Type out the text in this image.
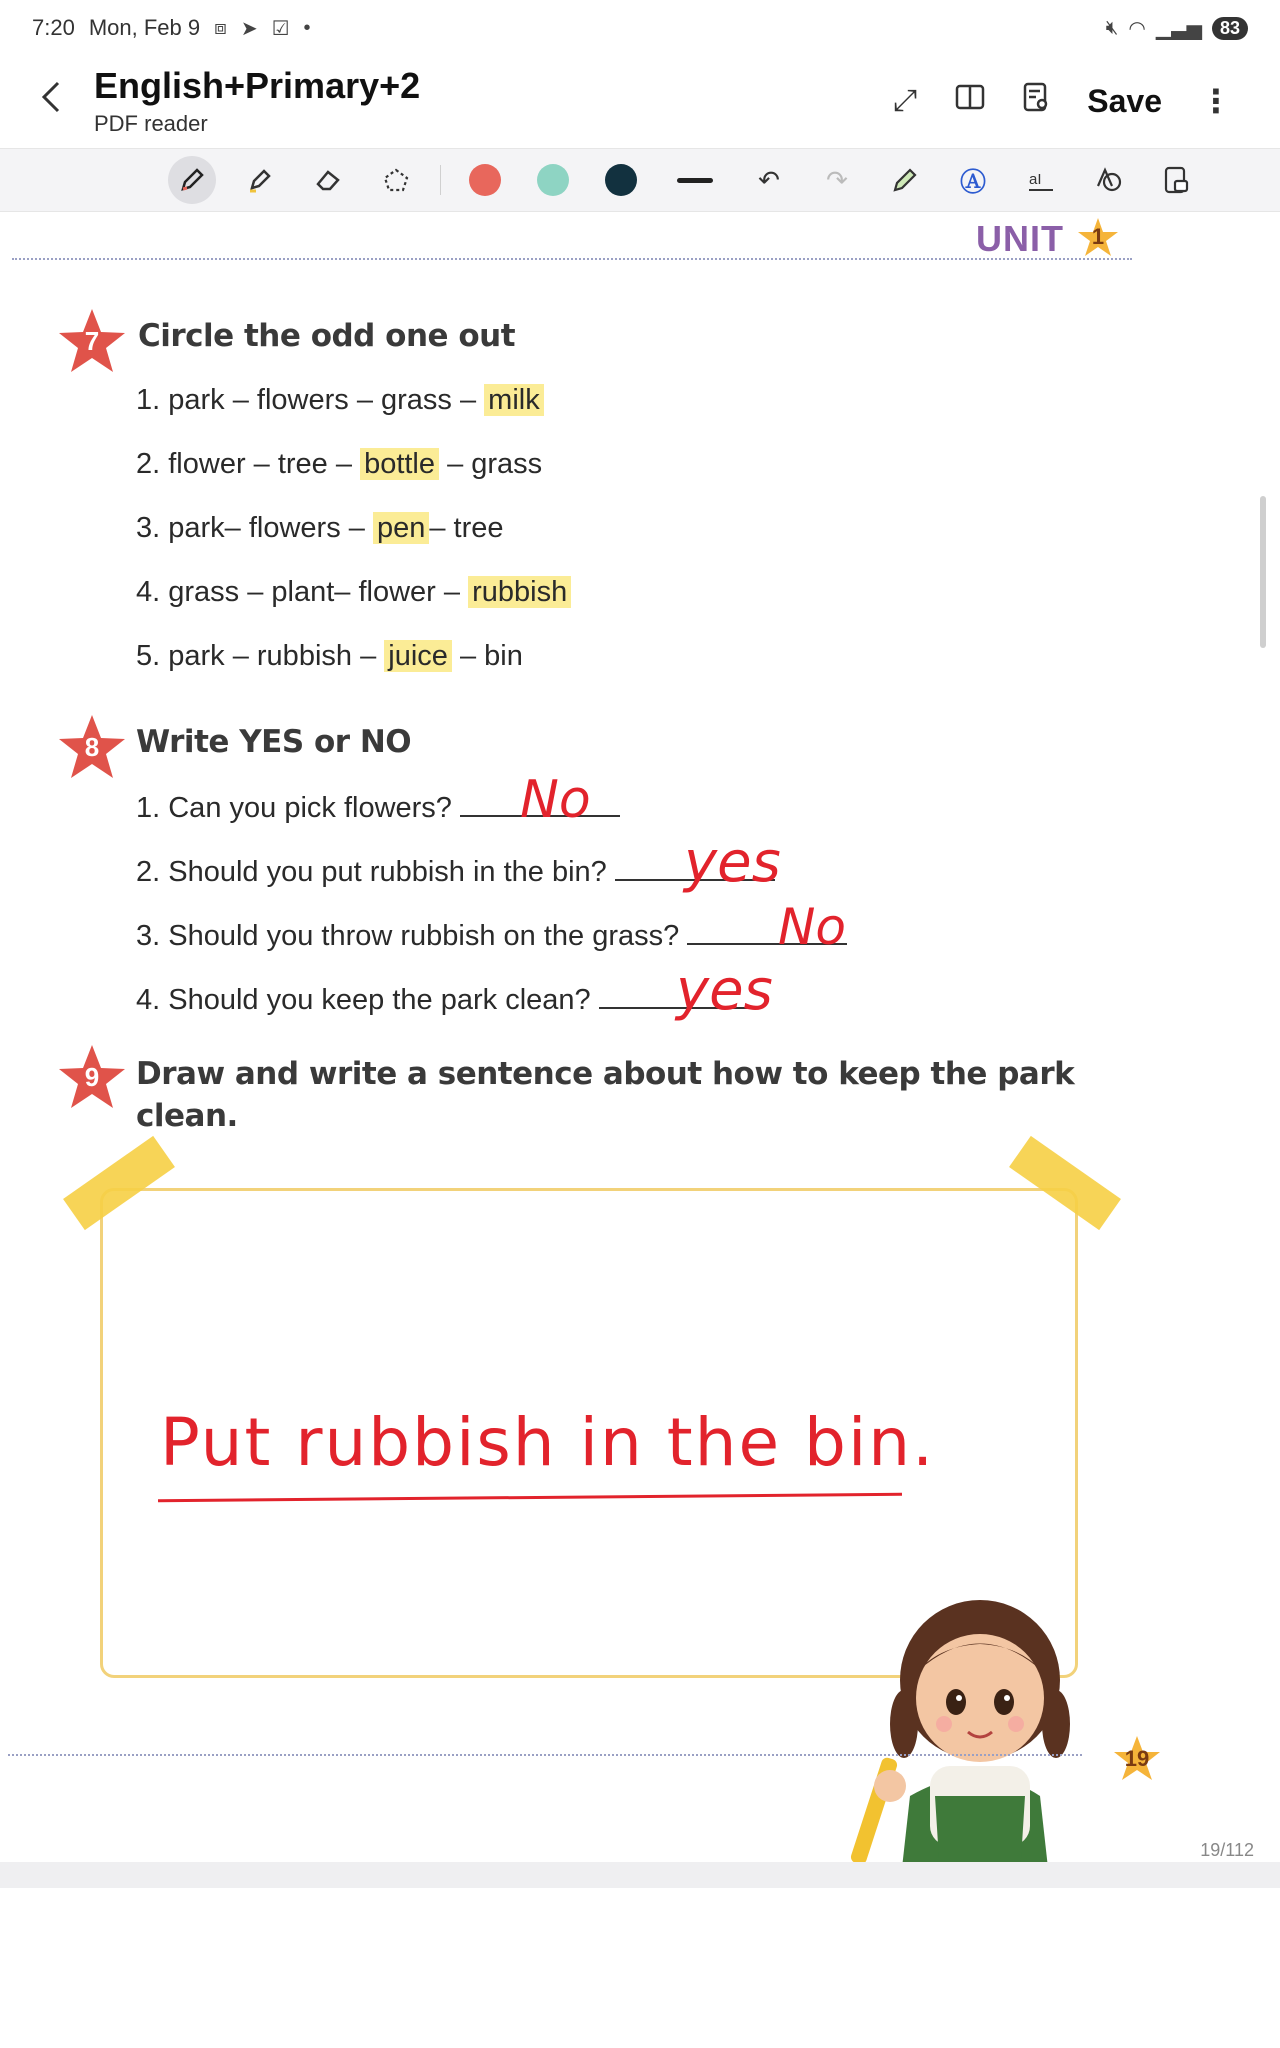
7:20 Mon, Feb 9 ⧈ ➤ ☑ •	🔇︎ ◠ ▁▃▅	83
English+Primary+2
PDF reader
⤢	Save ⋮
↶	↷	Ⓐ	aI
UNIT	1
7	Circle the odd one out
1. park – flowers – grass – milk
2. flower – tree – bottle – grass
3. park– flowers – pen – tree
4. grass – plant– flower – rubbish
5. park – rubbish – juice – bin
8	Write YES or NO
1. Can you pick flowers?	No
2. Should you put rubbish in the bin?	yes
3. Should you throw rubbish on the grass?	No
4. Should you keep the park clean?	yes
9	Draw and write a sentence about how to keep the park
clean.
Put rubbish in the bin.
19
19/112
